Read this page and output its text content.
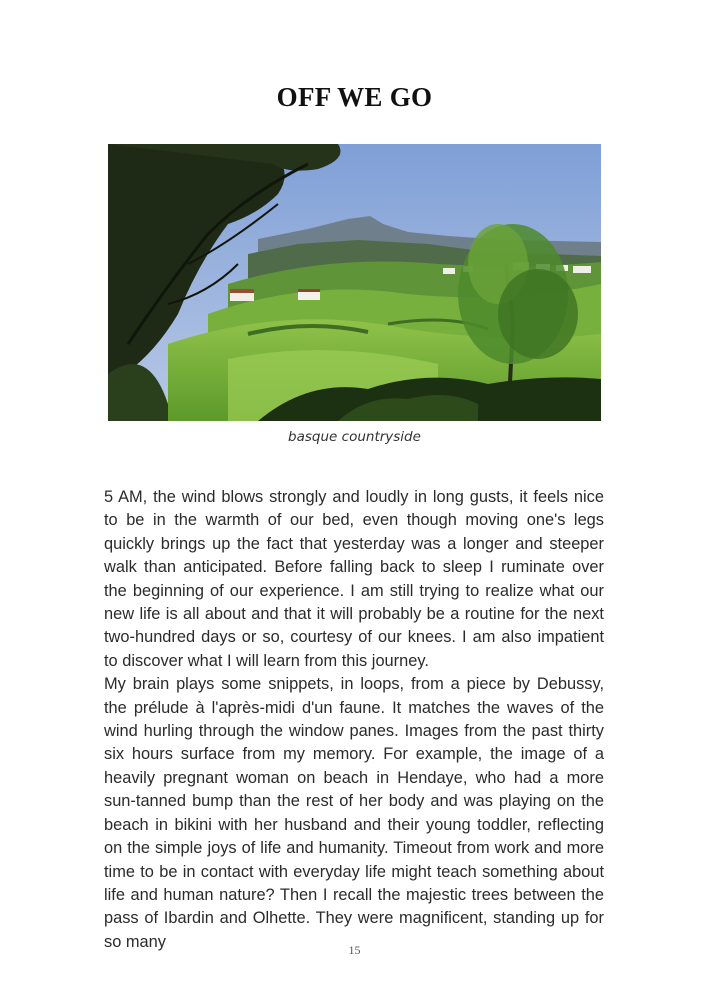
OFF WE GO

basque countryside

5 AM, the wind blows strongly and loudly in long gusts, it feels nice to be in the warmth of our bed, even though moving one's legs quickly brings up the fact that yesterday was a longer and steeper walk than anticipated. Before falling back to sleep I ruminate over the beginning of our experience. I am still trying to realize what our new life is all about and that it will probably be a routine for the next two-hundred days or so, courtesy of our knees. I am also impatient to discover what I will learn from this journey.

My brain plays some snippets, in loops, from a piece by Debussy, the prélude à l'après-midi d'un faune. It matches the waves of the wind hurling through the window panes. Images from the past thirty six hours surface from my memory. For example, the image of a heavily pregnant woman on beach in Hendaye, who had a more sun-tanned bump than the rest of her body and was playing on the beach in bikini with her husband and their young toddler, reflecting on the simple joys of life and humanity. Timeout from work and more time to be in contact with everyday life might teach something about life and human nature? Then I recall the majestic trees between the pass of Ibardin and Olhette. They were magnificent, standing up for so many	15
